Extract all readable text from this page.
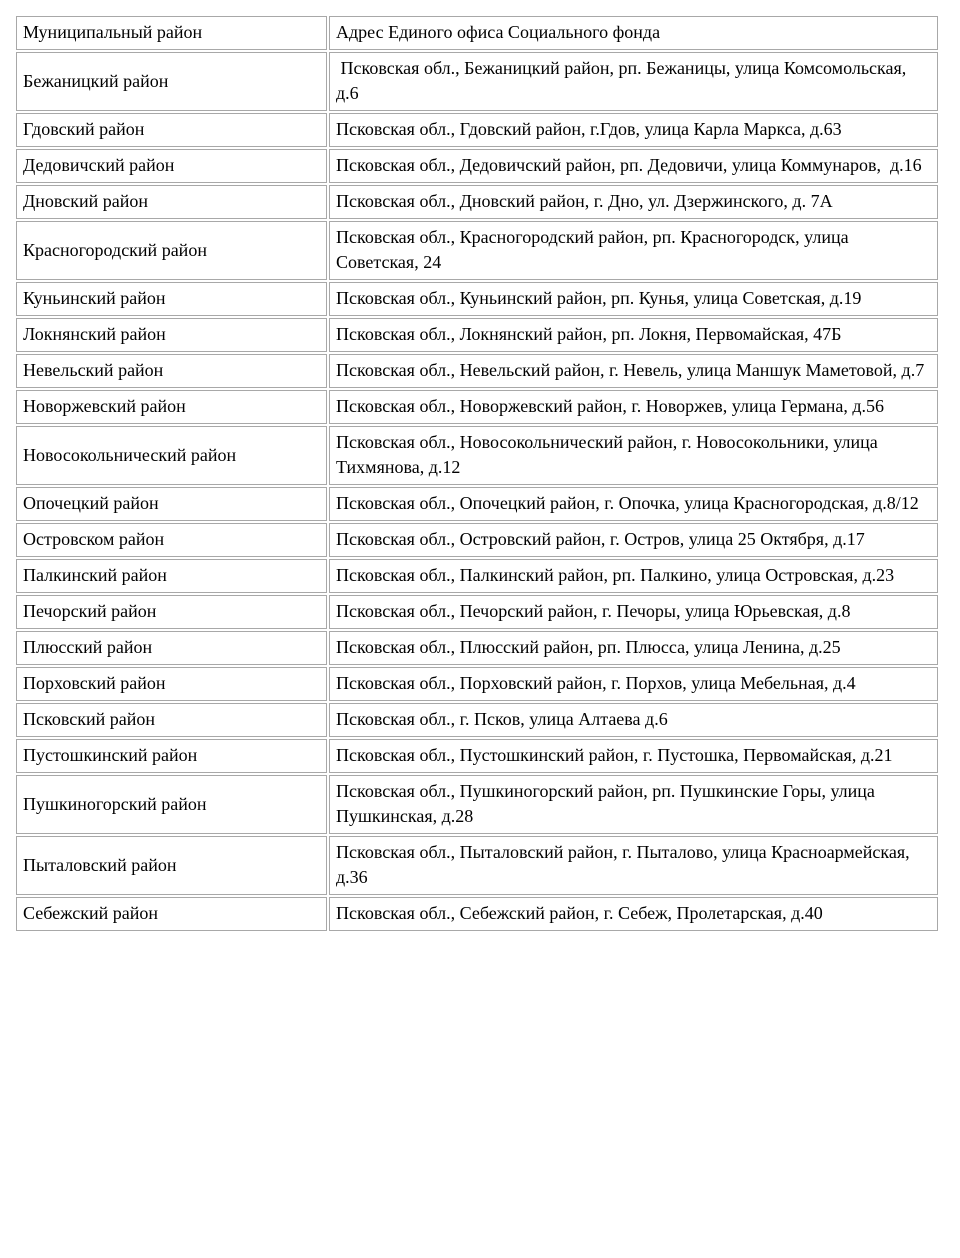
Муниципальный район	Адрес Единого офиса Социального фонда
Бежаницкий район	Псковская обл., Бежаницкий район, рп. Бежаницы, улица Комсомольская, д.6
Гдовский район	Псковская обл., Гдовский район, г.Гдов, улица Карла Маркса, д.63
Дедовичский район	Псковская обл., Дедовичский район, рп. Дедовичи, улица Коммунаров,  д.16
Дновский район	Псковская обл., Дновский район, г. Дно, ул. Дзержинского, д. 7А
Красногородский район	Псковская обл., Красногородский район, рп. Красногородск, улица Советская, 24
Куньинский район	Псковская обл., Куньинский район, рп. Кунья, улица Советская, д.19
Локнянский район	Псковская обл., Локнянский район, рп. Локня, Первомайская, 47Б
Невельский район	Псковская обл., Невельский район, г. Невель, улица Маншук Маметовой, д.7
Новоржевский район	Псковская обл., Новоржевский район, г. Новоржев, улица Германа, д.56
Новосокольнический район	Псковская обл., Новосокольнический район, г. Новосокольники, улица Тихмянова, д.12
Опочецкий район	Псковская обл., Опочецкий район, г. Опочка, улица Красногородская, д.8/12
Островском район	Псковская обл., Островский район, г. Остров, улица 25 Октября, д.17
Палкинский район	Псковская обл., Палкинский район, рп. Палкино, улица Островская, д.23
Печорский район	Псковская обл., Печорский район, г. Печоры, улица Юрьевская, д.8
Плюсский район	Псковская обл., Плюсский район, рп. Плюсса, улица Ленина, д.25
Порховский район	Псковская обл., Порховский район, г. Порхов, улица Мебельная, д.4
Псковский район	Псковская обл., г. Псков, улица Алтаева д.6
Пустошкинский район	Псковская обл., Пустошкинский район, г. Пустошка, Первомайская, д.21
Пушкиногорский район	Псковская обл., Пушкиногорский район, рп. Пушкинские Горы, улица Пушкинская, д.28
Пыталовский район	Псковская обл., Пыталовский район, г. Пыталово, улица Красноармейская, д.36
Себежский район	Псковская обл., Себежский район, г. Себеж, Пролетарская, д.40
